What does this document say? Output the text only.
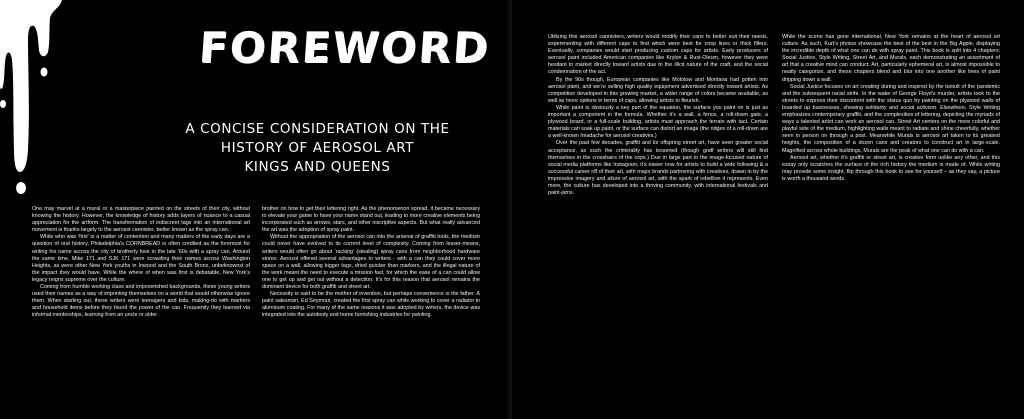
FOREWORD
A CONCISE CONSIDERATION ON THE
HISTORY OF AEROSOL ART
KINGS AND QUEENS

One may marvel at a mural or a masterpiece painted on the streets of their city, without knowing the history. However, the knowledge of history adds layers of nuance to a casual appreciation for the artform. The transformation of indiscreet tags into an international art movement is thanks largely to the aerosol cannister, better known as the spray can.

While who was ‘first’ is a matter of contention and many matters of the early days are a question of oral history, Philadelphia’s CORNBREAD is often credited as the foremost for writing his name across the city of brotherly love in the late ‘60s with a spray can. Around the same time, Mike 171 and SJK 171 were scrawling their names across Washington Heights, as were other New York youths in Inwood and the South Bronx, unbeknownst of the impact they would have. While the where of when was first is debatable, New York’s legacy reigns supreme over the culture.

Coming from humble working class and impoverished backgrounds, these young writers used their names as a way of imprinting themselves on a world that would otherwise ignore them. When starting out, these writers were teenagers and kids, making-do with markers and household items before they found the power of the can. Frequently they learned via informal mentorships, learning from an uncle or older

brother on how to get their lettering right. As the phenomenon spread, it became necessary to elevate your game to have your name stand out, leading to more creative elements being incorporated such as arrows, stars, and other inscriptive aspects. But what really advanced the art was the adoption of spray paint.

Without the appropriation of the aerosol can into the arsenal of graffiti tools, the medium could never have evolved to its current level of complexity. Coming from lesser-means, writers would often go about ‘racking’ (stealing) spray cans from neighborhood hardware stores. Aerosol offered several advantages to writers - with a can they could cover more space on a wall, allowing bigger tags, dried quicker than markers, and the illegal nature of the work meant the need to execute a mission fast, for which the ease of a can could allow one to get up and get out without a detection. It’s for this reason that aerosol remains the dominant device for both graffiti and street art.

Necessity is said to be the mother of invention, but perhaps convenience is the father. A paint salesman, Ed Seymour, created the first spray can while working to cover a radiator in aluminum coating. For many of the same reasons it was adopted by writers, the device was integrated into the autobody and home furnishing industries for painting.

Utilizing this aerosol cannisters, writers would modify their cans to better suit their needs, experimenting with different caps to find which were best for crisp lines or thick fillers. Eventually, companies would start producing custom caps for artists. Early producers of aerosol paint included American companies like Krylon & Rust-Oleum, however they were hesitant to market directly toward artists due to the illicit nature of the craft, and the social condemnation of the act.

By the 90s though, European companies like Molotow and Montana had gotten into aerosol paint, and we’re selling high quality equipment advertised directly toward artists. As competition developed in this growing market, a wider range of colors became available, as well as more options in terms of caps, allowing artists to flourish.

While paint is obviously a key part of the equation, the surface you paint on is just as important a component in the formula. Whether it’s a wall, a fence, a roll-down gate, a plywood board, or a full-scale building, artists must approach the terrain with tact. Certain materials can soak up paint, or the surface can distort an image (the ridges of a roll-down are a well-known headache for aerosol creatives.)

Over the past few decades, graffiti and its offspring street art, have seen greater social acceptance, as such the criminality has lessened (though graff writers will still find themselves in the crosshairs of the cops.) Due in large part to the image-focused nature of social media platforms like Instagram, it’s easier now for artists to build a wide following & a successful career off of their art, with major brands partnering with creatives, drawn in by the impressive imagery and allure of aerosol art, with the spark of rebellion it represents. Even more, the culture has developed into a thriving community, with international festivals and paint-jams.

While the scene has gone international, New York remains at the heart of aerosol art culture. As such, Kurt’s photos showcase the best of the best in the Big Apple, displaying the incredible depth of what one can do with spray paint. This book is split into 4 chapters; Social Justice, Style Writing, Street Art, and Murals, each demonstrating an assortment of art that a creative mind can conduct. Art, particularly ephemeral art, is almost impossible to neatly categorize, and these chapters blend and blur into one another like lines of paint dripping down a wall.

Social Justice focuses on art creating during and inspired by the tumult of the pandemic and the subsequent racial strife. In the wake of George Floyd’s murder, artists took to the streets to express their discontent with the status quo by painting on the plywood walls of boarded up businesses, showing solidarity and social activism. Elsewhere, Style Writing emphasizes contemporary graffiti, and the complexities of lettering, depicting the myriads of ways a talented artist can work an aerosol can. Street Art centers on the more colorful and playful side of the medium, highlighting walls meant to radiate and shine cheerfully, whether seen in person on through a post. Meanwhile Murals is aerosol art taken to its greatest heights, the composition of a dozen cans and creators to construct art in large-scale. Magnified across whole buildings, Murals are the peak of what one can do with a can.

Aerosol art, whether it’s graffiti or street art, is creative form unlike any other, and this essay only scratches the surface of the rich history the medium is made of. While writing may provide some insight, flip through this book to see for yourself – as they say, a picture is worth a thousand words.
